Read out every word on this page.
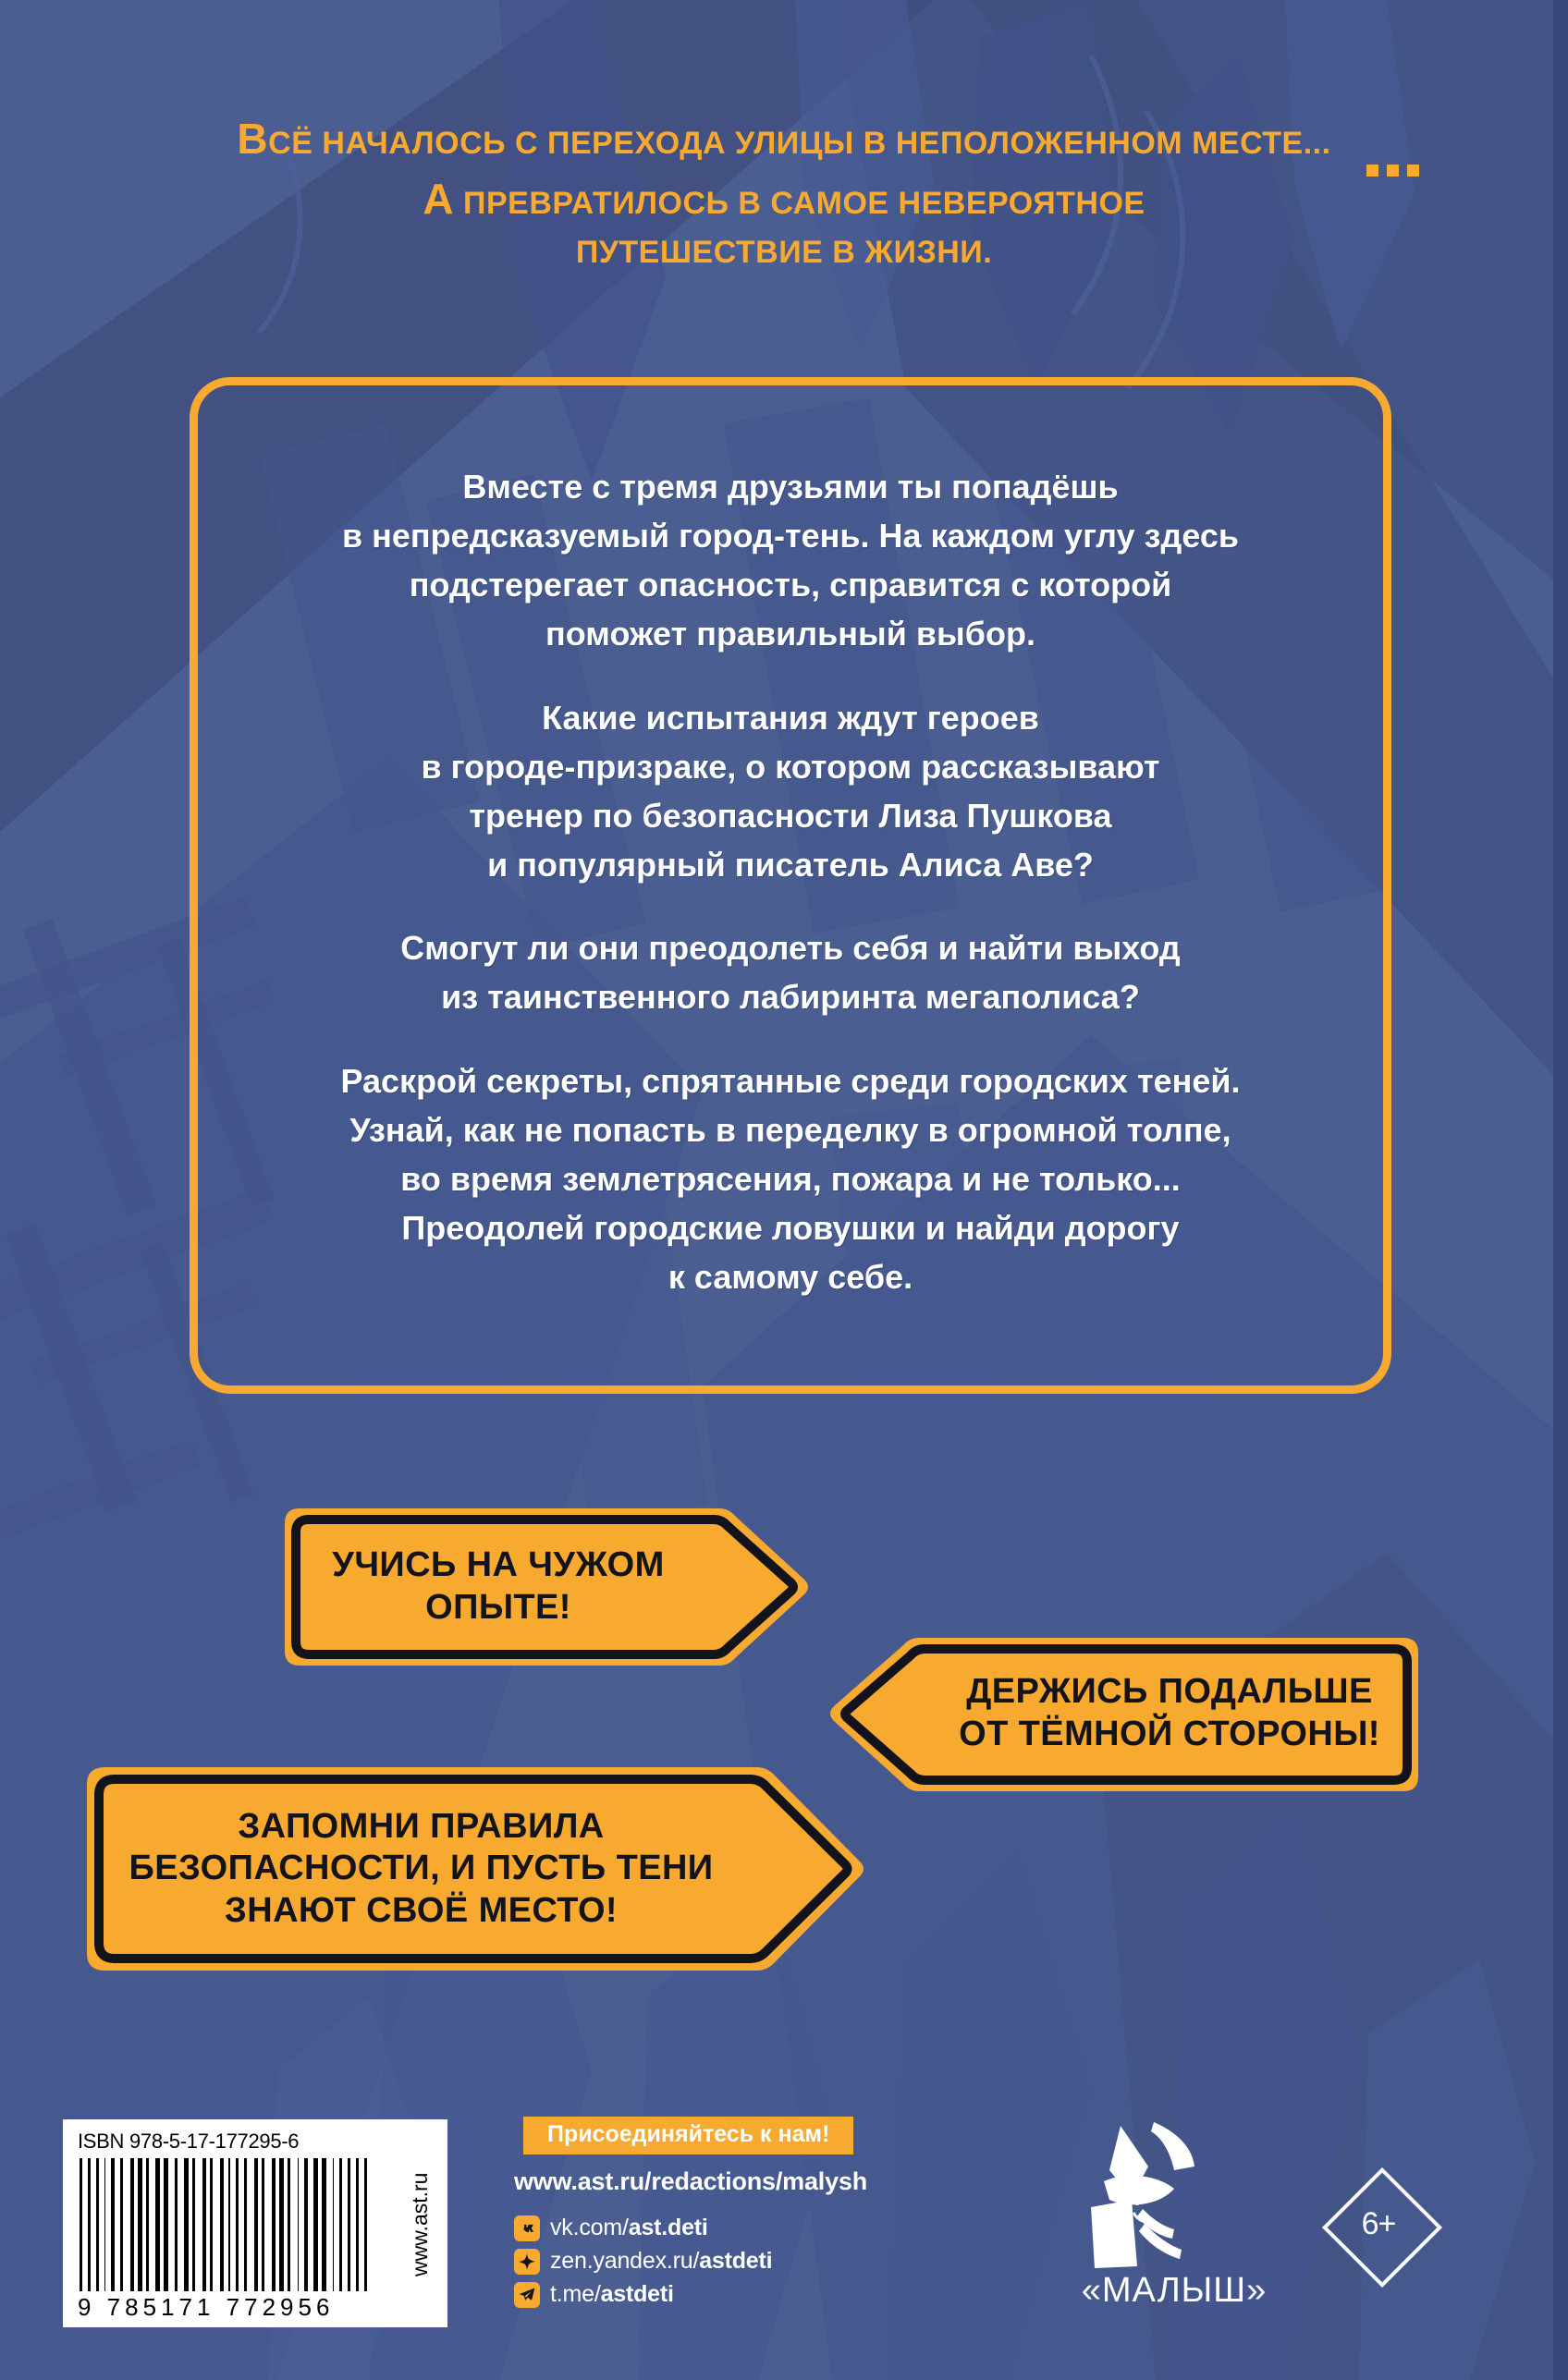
ВСЁ НАЧАЛОСЬ С ПЕРЕХОДА УЛИЦЫ В НЕПОЛОЖЕННОМ МЕСТЕ...
А ПРЕВРАТИЛОСЬ В САМОЕ НЕВЕРОЯТНОЕ
ПУТЕШЕСТВИЕ В ЖИЗНИ.

Вместе с тремя друзьями ты попадёшь
в непредсказуемый город-тень. На каждом углу здесь
подстерегает опасность, справится с которой
поможет правильный выбор.

Какие испытания ждут героев
в городе-призраке, о котором рассказывают
тренер по безопасности Лиза Пушкова
и популярный писатель Алиса Аве?

Смогут ли они преодолеть себя и найти выход
из таинственного лабиринта мегаполиса?

Раскрой секреты, спрятанные среди городских теней.
Узнай, как не попасть в переделку в огромной толпе,
во время землетрясения, пожара и не только...
Преодолей городские ловушки и найди дорогу
к самому себе.

УЧИСЬ НА ЧУЖОМ
ОПЫТЕ!
ДЕРЖИСЬ ПОДАЛЬШЕ
ОТ ТЁМНОЙ СТОРОНЫ!
ЗАПОМНИ ПРАВИЛА
БЕЗОПАСНОСТИ, И ПУСТЬ ТЕНИ
ЗНАЮТ СВОЁ МЕСТО!
ISBN 978-5-17-177295-6
9 785171 772956
www.ast.ru
Присоединяйтесь к нам!
www.ast.ru/redactions/malysh
vk.com/ast.deti
zen.yandex.ru/astdeti
t.me/astdeti	«МАЛЫШ»
6+
